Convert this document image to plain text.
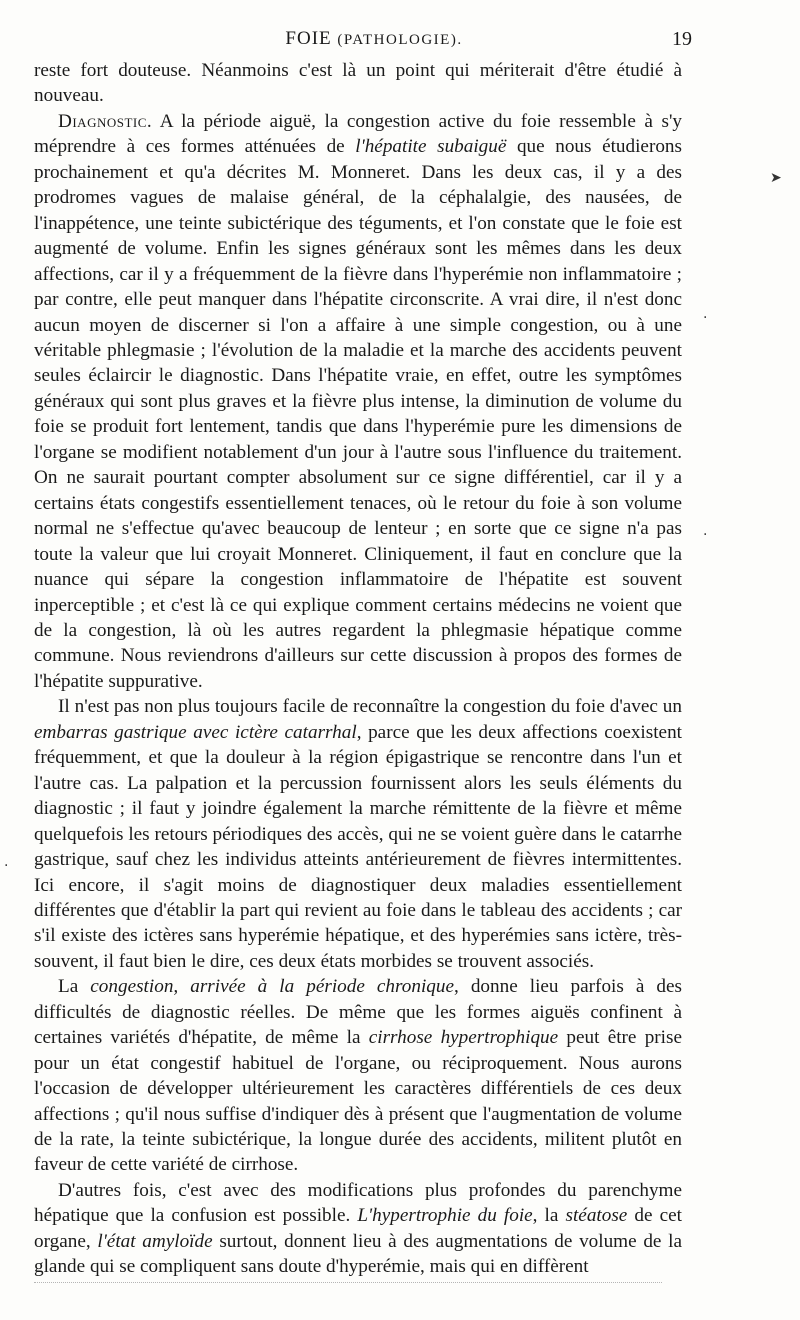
FOIE (PATHOLOGIE).	19

reste fort douteuse. Néanmoins c'est là un point qui mériterait d'être étudié à nouveau.

Diagnostic. A la période aiguë, la congestion active du foie ressemble à s'y méprendre à ces formes atténuées de l'hépatite subaiguë que nous étudierons prochainement et qu'a décrites M. Monneret. Dans les deux cas, il y a des prodromes vagues de malaise général, de la céphalalgie, des nausées, de l'inappétence, une teinte subictérique des téguments, et l'on constate que le foie est augmenté de volume. Enfin les signes généraux sont les mêmes dans les deux affections, car il y a fréquemment de la fièvre dans l'hyperémie non inflammatoire ; par contre, elle peut manquer dans l'hépatite circonscrite. A vrai dire, il n'est donc aucun moyen de discerner si l'on a affaire à une simple congestion, ou à une véritable phlegmasie ; l'évolution de la maladie et la marche des accidents peuvent seules éclaircir le diagnostic. Dans l'hépatite vraie, en effet, outre les symptômes généraux qui sont plus graves et la fièvre plus intense, la diminution de volume du foie se produit fort lentement, tandis que dans l'hyperémie pure les dimensions de l'organe se modifient notablement d'un jour à l'autre sous l'influence du traitement. On ne saurait pourtant compter absolument sur ce signe différentiel, car il y a certains états congestifs essentiellement tenaces, où le retour du foie à son volume normal ne s'effectue qu'avec beaucoup de lenteur ; en sorte que ce signe n'a pas toute la valeur que lui croyait Monneret. Cliniquement, il faut en conclure que la nuance qui sépare la congestion inflammatoire de l'hépatite est souvent inperceptible ; et c'est là ce qui explique comment certains médecins ne voient que de la congestion, là où les autres regardent la phlegmasie hépatique comme commune. Nous reviendrons d'ailleurs sur cette discussion à propos des formes de l'hépatite suppurative.

Il n'est pas non plus toujours facile de reconnaître la congestion du foie d'avec un embarras gastrique avec ictère catarrhal, parce que les deux affections coexistent fréquemment, et que la douleur à la région épigastrique se rencontre dans l'un et l'autre cas. La palpation et la percussion fournissent alors les seuls éléments du diagnostic ; il faut y joindre également la marche rémittente de la fièvre et même quelquefois les retours périodiques des accès, qui ne se voient guère dans le catarrhe gastrique, sauf chez les individus atteints antérieurement de fièvres intermittentes. Ici encore, il s'agit moins de diagnostiquer deux maladies essentiellement différentes que d'établir la part qui revient au foie dans le tableau des accidents ; car s'il existe des ictères sans hyperémie hépatique, et des hyperémies sans ictère, très-souvent, il faut bien le dire, ces deux états morbides se trouvent associés.

La congestion, arrivée à la période chronique, donne lieu parfois à des difficultés de diagnostic réelles. De même que les formes aiguës confinent à certaines variétés d'hépatite, de même la cirrhose hypertrophique peut être prise pour un état congestif habituel de l'organe, ou réciproquement. Nous aurons l'occasion de développer ultérieurement les caractères différentiels de ces deux affections ; qu'il nous suffise d'indiquer dès à présent que l'augmentation de volume de la rate, la teinte subictérique, la longue durée des accidents, militent plutôt en faveur de cette variété de cirrhose.

D'autres fois, c'est avec des modifications plus profondes du parenchyme hépatique que la confusion est possible. L'hypertrophie du foie, la stéatose de cet organe, l'état amyloïde surtout, donnent lieu à des augmentations de volume de la glande qui se compliquent sans doute d'hyperémie, mais qui en diffèrent

➤
·
·
·
